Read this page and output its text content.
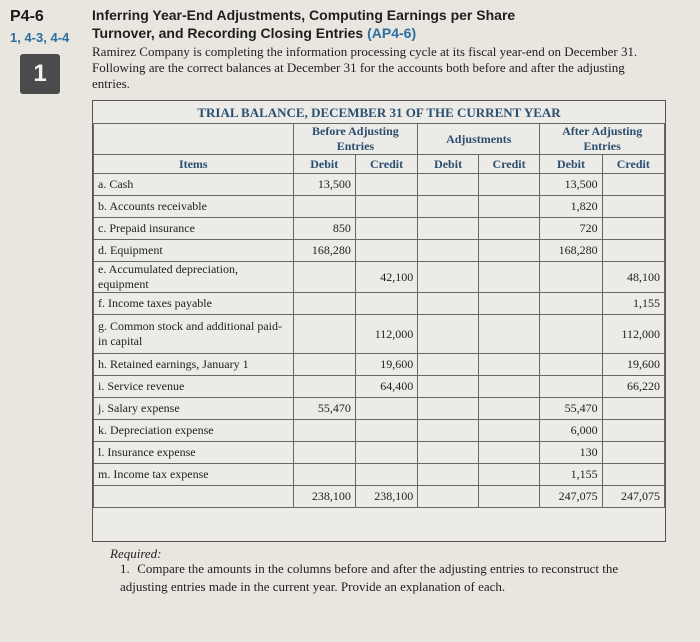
P4-6
1, 4-3, 4-4
1
Inferring Year-End Adjustments, Computing Earnings per Share
Turnover, and Recording Closing Entries (AP4-6)
Ramirez Company is completing the information processing cycle at its fiscal year-end on December 31. Following are the correct balances at December 31 for the accounts both before and after the adjusting entries.
TRIAL BALANCE, DECEMBER 31 OF THE CURRENT YEAR
	Before Adjusting Entries		Adjustments		After Adjusting Entries	

Items	Debit	Credit	Debit	Credit	Debit	Credit
a. Cash	13,500				13,500	
b. Accounts receivable					1,820	
c. Prepaid insurance	850				720	
d. Equipment	168,280				168,280	
e. Accumulated depreciation, equipment		42,100				48,100
f. Income taxes payable						1,155
g. Common stock and additional paid-in capital		112,000				112,000
h. Retained earnings, January 1		19,600				19,600
i. Service revenue		64,400				66,220
j. Salary expense	55,470				55,470	
k. Depreciation expense					6,000	
l. Insurance expense					130	
m. Income tax expense					1,155	
	238,100	238,100			247,075	247,075
Required:
1. Compare the amounts in the columns before and after the adjusting entries to reconstruct the adjusting entries made in the current year. Provide an explanation of each.
